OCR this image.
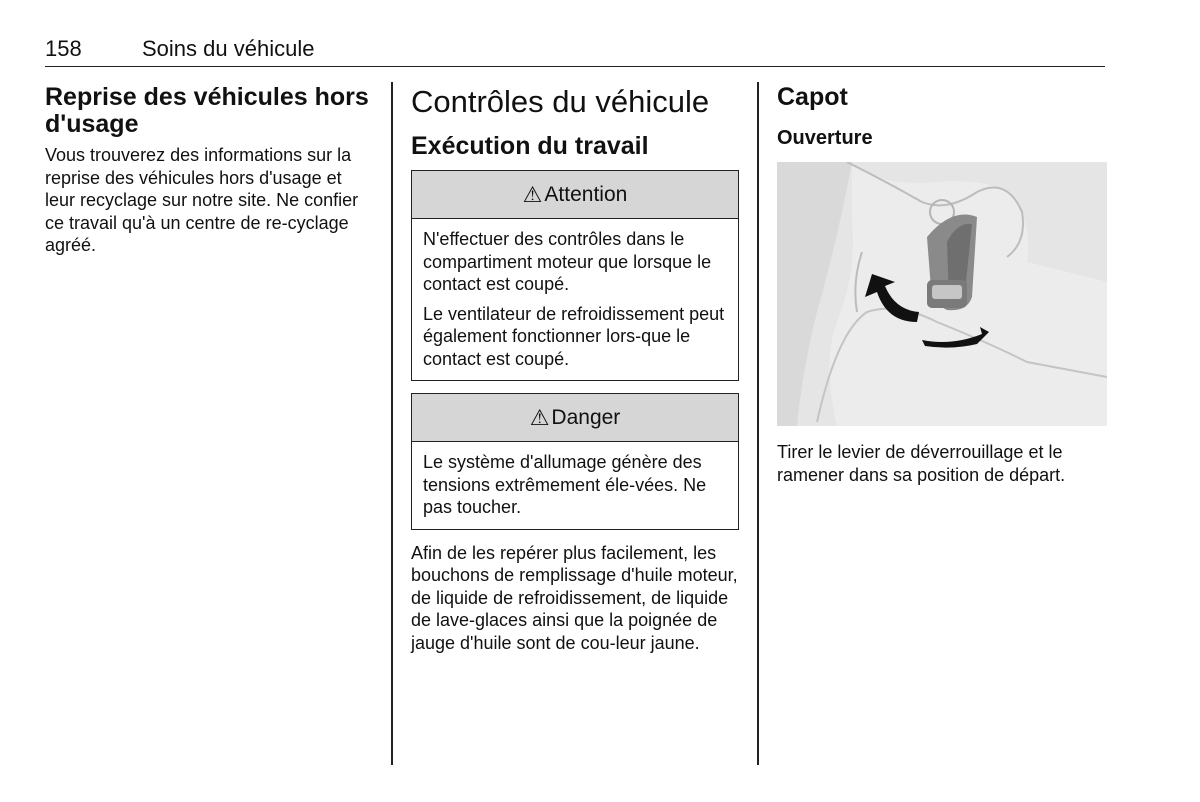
158	Soins du véhicule
Reprise des véhicules hors d'usage

Vous trouverez des informations sur la reprise des véhicules hors d'usage et leur recyclage sur notre site. Ne confier ce travail qu'à un centre de re-cyclage agréé.

Contrôles du véhicule
Exécution du travail
⚠ Attention

N'effectuer des contrôles dans le compartiment moteur que lorsque le contact est coupé.

Le ventilateur de refroidissement peut également fonctionner lors-que le contact est coupé.

⚠ Danger

Le système d'allumage génère des tensions extrêmement éle-vées. Ne pas toucher.

Afin de les repérer plus facilement, les bouchons de remplissage d'huile moteur, de liquide de refroidissement, de liquide de lave-glaces ainsi que la poignée de jauge d'huile sont de cou-leur jaune.

Capot
Ouverture

Tirer le levier de déverrouillage et le ramener dans sa position de départ.
